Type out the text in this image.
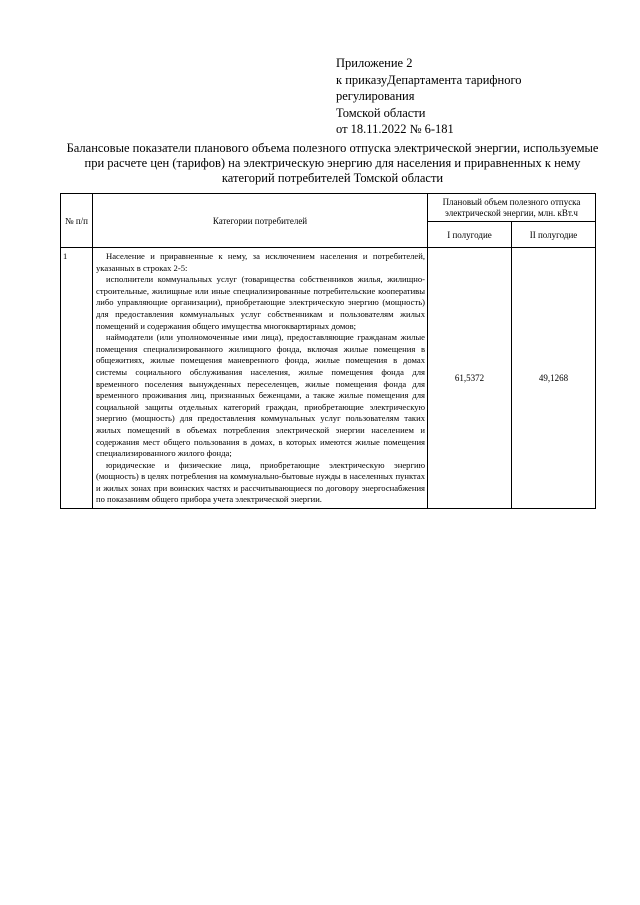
Приложение 2
к приказуДепартамента тарифного
регулирования
Томской области
от 18.11.2022 № 6-181
Балансовые показатели планового объема полезного отпуска электрической энергии, используемые при расчете цен (тарифов) на электрическую энергию для населения и приравненных к нему категорий потребителей Томской области
№ п/п	Категории потребителей	Плановый объем полезного отпуска электрической энергии, млн. кВт.ч	
		I полугодие	II полугодие
1	Население и приравненные к нему, за исключением населения и потребителей, указанных в строках 2-5:

исполнители коммунальных услуг (товарищества собственников жилья, жилищно-строительные, жилищные или иные специализированные потребительские кооперативы либо управляющие организации), приобретающие электрическую энергию (мощность) для предоставления коммунальных услуг собственникам и пользователям жилых помещений и содержания общего имущества многоквартирных домов;

наймодатели (или уполномоченные ими лица), предоставляющие гражданам жилые помещения специализированного жилищного фонда, включая жилые помещения в общежитиях, жилые помещения маневренного фонда, жилые помещения в домах системы социального обслуживания населения, жилые помещения фонда для временного поселения вынужденных переселенцев, жилые помещения фонда для временного проживания лиц, признанных беженцами, а также жилые помещения для социальной защиты отдельных категорий граждан, приобретающие электрическую энергию (мощность) для предоставления коммунальных услуг пользователям таких жилых помещений в объемах потребления электрической энергии населением и содержания мест общего пользования в домах, в которых имеются жилые помещения специализированного жилого фонда;

юридические и физические лица, приобретающие электрическую энергию (мощность) в целях потребления на коммунально-бытовые нужды в населенных пунктах и жилых зонах при воинских частях и рассчитывающиеся по договору энергоснабжения по показаниям общего прибора учета электрической энергии.	61,5372	49,1268
